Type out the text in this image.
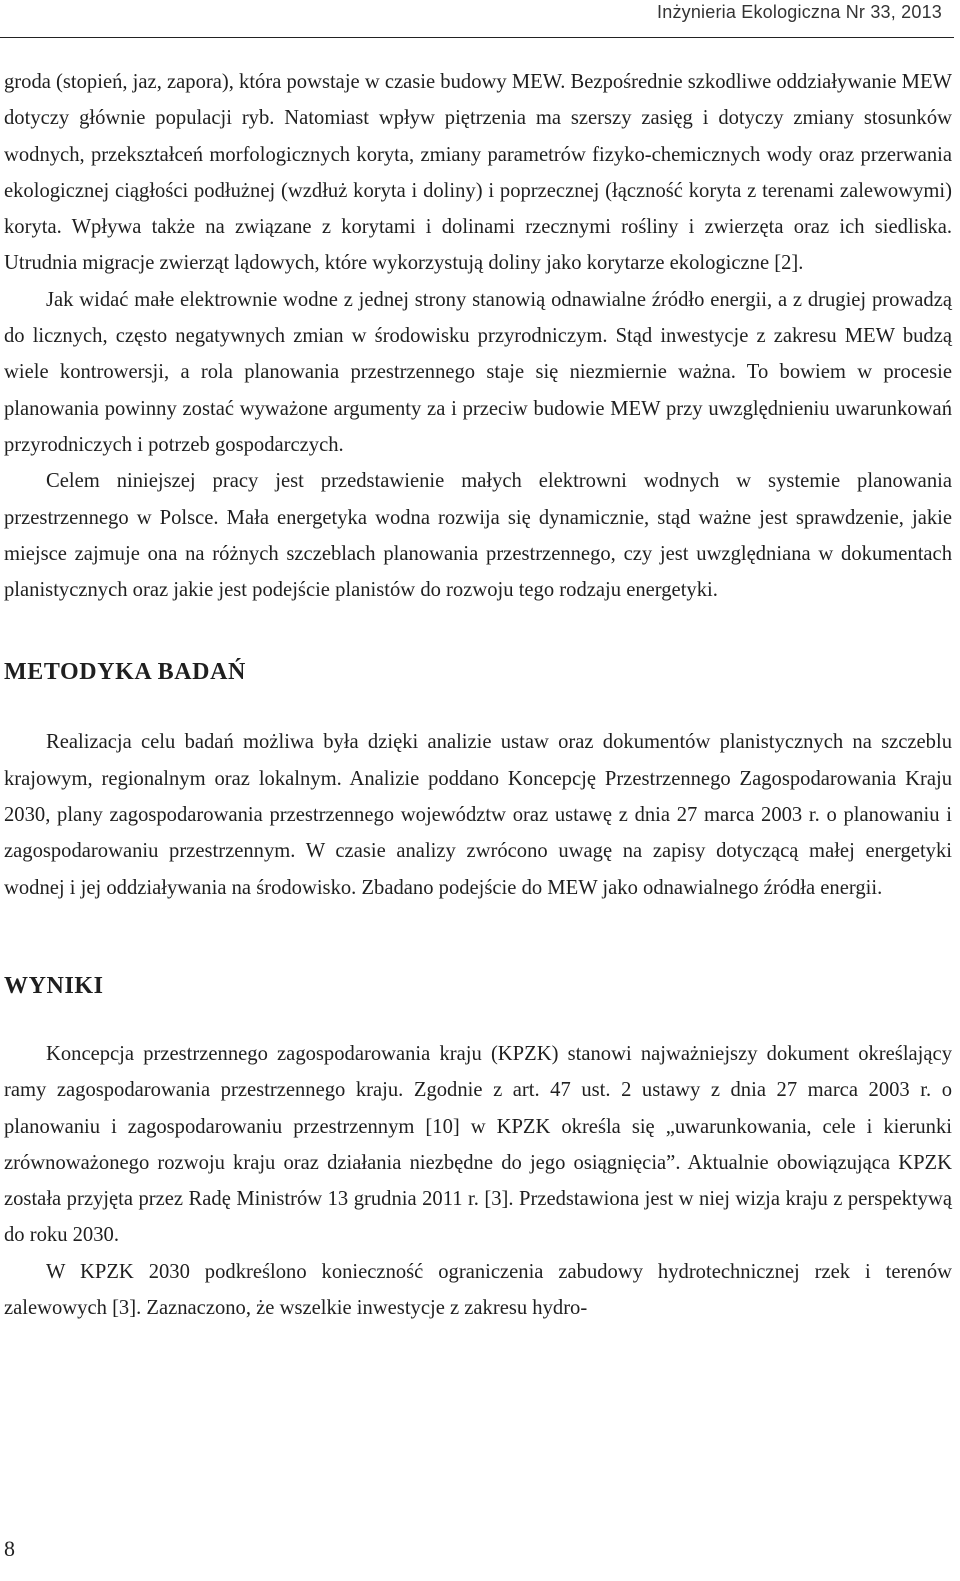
Inżynieria Ekologiczna Nr 33, 2013

groda (stopień, jaz, zapora), która powstaje w czasie budowy MEW. Bezpośrednie szkodliwe oddziaływanie MEW dotyczy głównie populacji ryb. Natomiast wpływ piętrzenia ma szerszy zasięg i dotyczy zmiany stosunków wodnych, przekształceń morfologicznych koryta, zmiany parametrów fizyko-chemicznych wody oraz przerwania ekologicznej ciągłości podłużnej (wzdłuż koryta i doliny) i poprzecznej (łączność koryta z terenami zalewowymi) koryta. Wpływa także na związane z korytami i dolinami rzecznymi rośliny i zwierzęta oraz ich siedliska. Utrudnia migracje zwierząt lądowych, które wykorzystują doliny jako korytarze ekologiczne [2].

Jak widać małe elektrownie wodne z jednej strony stanowią odnawialne źródło energii, a z drugiej prowadzą do licznych, często negatywnych zmian w środowisku przyrodniczym. Stąd inwestycje z zakresu MEW budzą wiele kontrowersji, a rola planowania przestrzennego staje się niezmiernie ważna. To bowiem w procesie planowania powinny zostać wyważone argumenty za i przeciw budowie MEW przy uwzględnieniu uwarunkowań przyrodniczych i potrzeb gospodarczych.

Celem niniejszej pracy jest przedstawienie małych elektrowni wodnych w systemie planowania przestrzennego w Polsce. Mała energetyka wodna rozwija się dynamicznie, stąd ważne jest sprawdzenie, jakie miejsce zajmuje ona na różnych szczeblach planowania przestrzennego, czy jest uwzględniana w dokumentach planistycznych oraz jakie jest podejście planistów do rozwoju tego rodzaju energetyki.

METODYKA BADAŃ

Realizacja celu badań możliwa była dzięki analizie ustaw oraz dokumentów planistycznych na szczeblu krajowym, regionalnym oraz lokalnym. Analizie poddano Koncepcję Przestrzennego Zagospodarowania Kraju 2030, plany zagospodarowania przestrzennego województw oraz ustawę z dnia 27 marca 2003 r. o planowaniu i zagospodarowaniu przestrzennym. W czasie analizy zwrócono uwagę na zapisy dotyczącą małej energetyki wodnej i jej oddziaływania na środowisko. Zbadano podejście do MEW jako odnawialnego źródła energii.

WYNIKI

Koncepcja przestrzennego zagospodarowania kraju (KPZK) stanowi najważniejszy dokument określający ramy zagospodarowania przestrzennego kraju. Zgodnie z art. 47 ust. 2 ustawy z dnia 27 marca 2003 r. o planowaniu i zagospodarowaniu przestrzennym [10] w KPZK określa się „uwarunkowania, cele i kierunki zrównoważonego rozwoju kraju oraz działania niezbędne do jego osiągnięcia”. Aktualnie obowiązująca KPZK została przyjęta przez Radę Ministrów 13 grudnia 2011 r. [3]. Przedstawiona jest w niej wizja kraju z perspektywą do roku 2030.

W KPZK 2030 podkreślono konieczność ograniczenia zabudowy hydrotechnicznej rzek i terenów zalewowych [3]. Zaznaczono, że wszelkie inwestycje z zakresu hydro-

8
